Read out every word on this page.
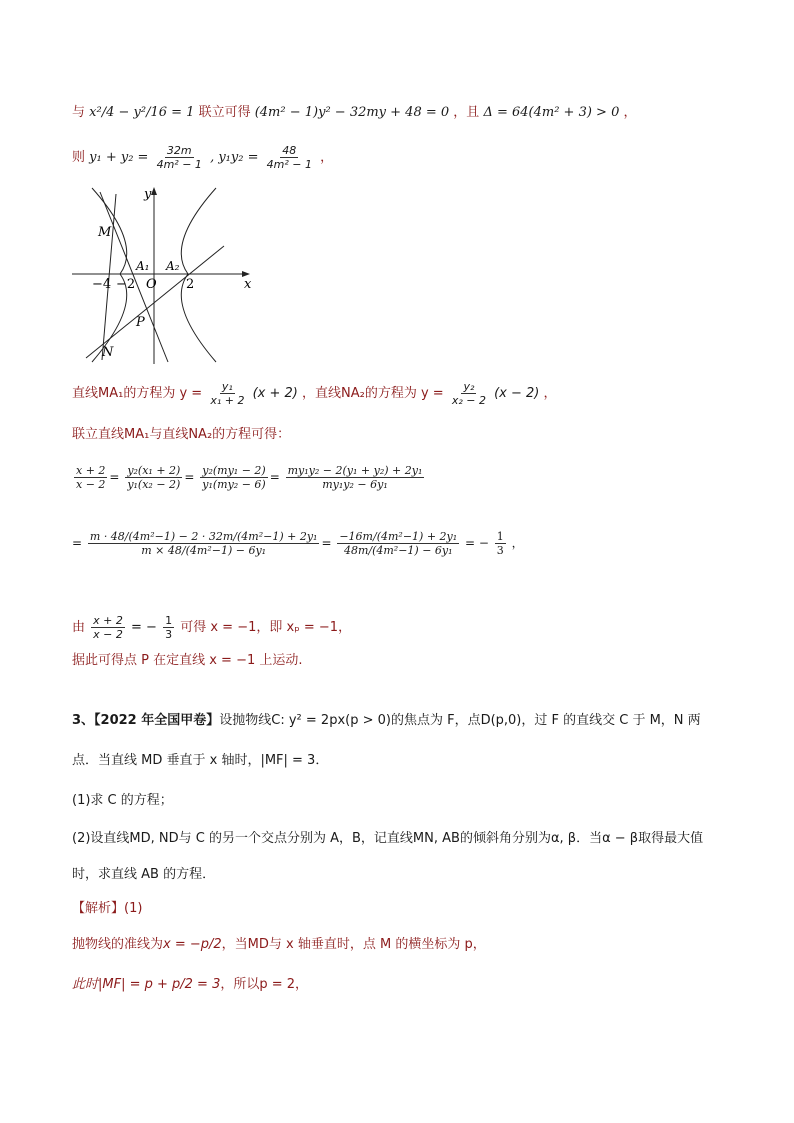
与 x²/4 − y²/16 = 1 联立可得 (4m² − 1)y² − 32my + 48 = 0 ，且 Δ = 64(4m² + 3) > 0 ，
则 $y_1 + y_2 = \frac{32m}{\text{4m² − 1}}$ , $y_1y_2 = \frac{48}{\text{4m² − 1}}$ ，
y
x
O
−4 −2	2
M
N
P
A₁ A₂
直线MA₁的方程为 $y = \frac{\text{y₁}}{\text{x₁ + 2}} (x + 2)$ ，直线NA₂的方程为 $y = \frac{\text{y₂}}{\text{x₂ − 2}} (x - 2)$ ，
联立直线MA₁与直线NA₂的方程可得：
$\frac{x + 2}{x - 2} = \frac{\text{y₂(x₁ + 2)}}{\text{y₁(x₂ − 2)}} = \frac{\text{y₂(my₁ − 2)}}{\text{y₁(my₂ − 6)}} = \frac{\text{my₁y₂ − 2(y₁ + y₂) + 2y₁}}{\text{my₁y₂ − 6y₁}}$
= $\frac{\text{m · 48/(4m²−1) − 2 · 32m/(4m²−1) + 2y₁}}{\text{m × 48/(4m²−1) − 6y₁}} = \frac{\text{−16m/(4m²−1) + 2y₁}}{\text{48m/(4m²−1) − 6y₁}}$ = − $\frac{1}{3}$ ，
由 $\frac{x + 2}{x - 2}$ = − $\frac{1}{3}$ 可得 x = −1，即 xₚ = −1，
据此可得点 P 在定直线 x = −1 上运动.
3、【2022 年全国甲卷】设抛物线C: y² = 2px(p > 0)的焦点为 F，点D(p,0)，过 F 的直线交 C 于 M，N 两
点．当直线 MD 垂直于 x 轴时，|MF| = 3．
(1)求 C 的方程；
(2)设直线MD, ND与 C 的另一个交点分别为 A，B，记直线MN, AB的倾斜角分别为α, β．当α − β取得最大值
时，求直线 AB 的方程．
【解析】(1)
抛物线的准线为x = −p/2，当MD与 x 轴垂直时，点 M 的横坐标为 p，
此时|MF| = p + p/2 = 3，所以p = 2，
